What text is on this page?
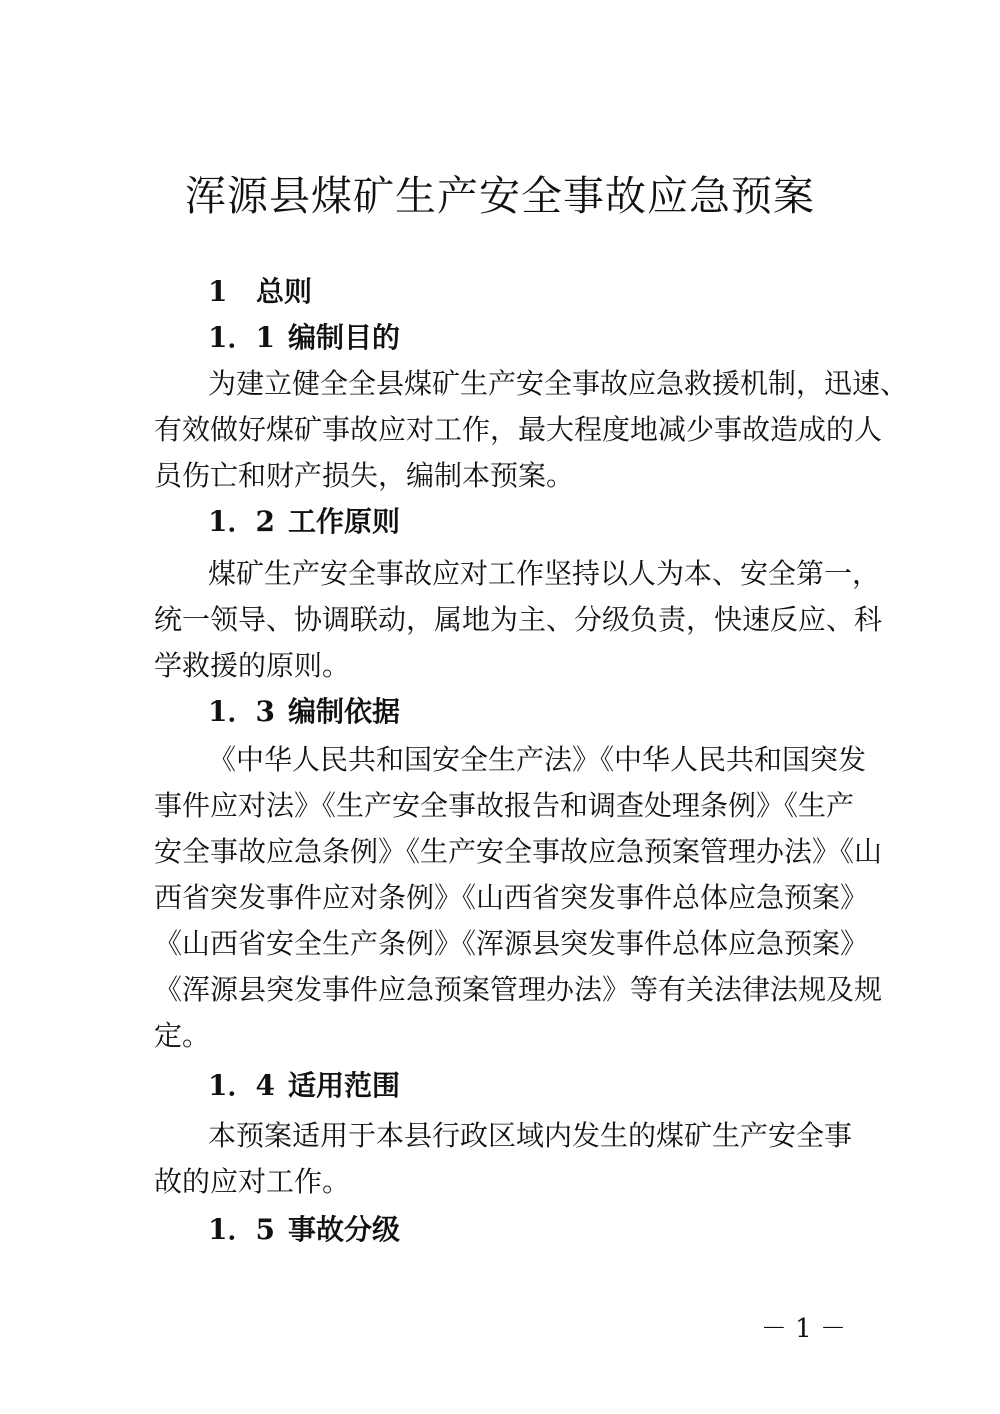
浑源县煤矿生产安全事故应急预案
1 总则
1．1 编制目的
为建立健全全县煤矿生产安全事故应急救援机制，迅速、
有效做好煤矿事故应对工作，最大程度地减少事故造成的人
员伤亡和财产损失，编制本预案。
1．2 工作原则
煤矿生产安全事故应对工作坚持以人为本、安全第一，
统一领导、协调联动，属地为主、分级负责，快速反应、科
学救援的原则。
1．3 编制依据
《中华人民共和国安全生产法》《中华人民共和国突发
事件应对法》《生产安全事故报告和调查处理条例》《生产
安全事故应急条例》《生产安全事故应急预案管理办法》《山
西省突发事件应对条例》《山西省突发事件总体应急预案》
《山西省安全生产条例》《浑源县突发事件总体应急预案》
《浑源县突发事件应急预案管理办法》等有关法律法规及规
定。
1．4 适用范围
本预案适用于本县行政区域内发生的煤矿生产安全事
故的应对工作。
1．5 事故分级
－ 1 －
